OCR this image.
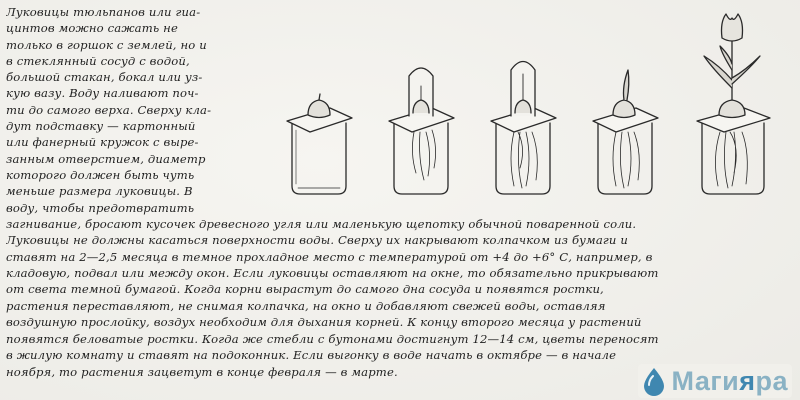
Луковицы тюльпанов или гиа-
цинтов можно сажать не
только в горшок с землей, но и
в стеклянный сосуд с водой,
большой стакан, бокал или уз-
кую вазу. Воду наливают поч-
ти до самого верха. Сверху кла-
дут подставку — картонный
или фанерный кружок с выре-
занным отверстием, диаметр
которого должен быть чуть
меньше размера луковицы. В
воду, чтобы предотвратить
загнивание, бросают кусочек древесного угля или маленькую щепотку обычной поваренной соли.
Луковицы не должны касаться поверхности воды. Сверху их накрывают колпачком из бумаги и
ставят на 2—2,5 месяца в темное прохладное место с температурой от +4 до +6° С, например, в
кладовую, подвал или между окон. Если луковицы оставляют на окне, то обязательно прикрывают
от света темной бумагой. Когда корни вырастут до самого дна сосуда и появятся ростки,
растения переставляют, не снимая колпачка, на окно и добавляют свежей воды, оставляя
воздушную прослойку, воздух необходим для дыхания корней. К концу второго месяца у растений
появятся беловатые ростки. Когда же стебли с бутонами достигнут 12—14 см, цветы переносят
в жилую комнату и ставят на подоконник. Если выгонку в воде начать в октябре — в начале
ноября, то растения зацветут в конце февраля — в марте.	Магияра
